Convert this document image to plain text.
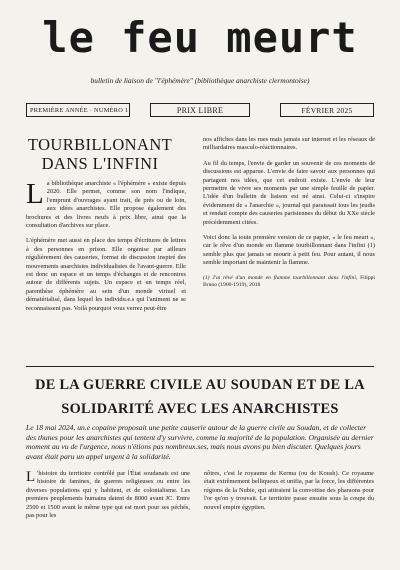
le feu meurt
bulletin de liaison de "l'éphémère" (bibliothèque anarchiste clermontoise)
PREMIÈRE ANNÉE · NUMÉRO 1	PRIX LIBRE	FÉVRIER 2025
TOURBILLONANT DANS L'INFINI

La bibliothèque anarchiste « l'éphémère » existe depuis 2020. Elle permet, comme son nom l'indique, l'emprunt d'ouvrages ayant trait, de près ou de loin, aux idées anarchistes. Elle propose également des brochures et des livres neufs à prix libre, ainsi que la consultation d'archives sur place.

L'éphémère met aussi en place des temps d'écritures de lettres à des personnes en prison. Elle organise par ailleurs régulièrement des causeries, format de discussion inspiré des mouvements anarchistes individualistes de l'avant-guerre. Elle est donc un espace et un temps d'échanges et de rencontres autour de différents sujets. Un espace et un temps réel, parenthèse éphémère au sein d'un monde virtuel et dématérialisé, dans lequel les individu.e.s qui l'animent ne se reconnaissent pas. Voilà pourquoi vous verrez peut-être

nos affiches dans les rues mais jamais sur internet et les réseaux de milliardaires masculo-réactionnaires.

Au fil du temps, l'envie de garder un souvenir de ces moments de discussions est apparue. L'envie de faire savoir aux personnes qui partagent nos idées, que cet endroit existe. L'envie de leur permettre de vivre ses moments par une simple feuille de papier. L'idée d'un bulletin de liaison est né ainsi. Celui-ci s'inspire évidemment de « l'anarchie », journal qui paraissait tous les jeudis et rendait compte des causeries parisiennes du début du XXe siècle précédemment citées.

Voici donc la toute première version de ce papier, « le feu meurt », car le rêve d'un monde en flamme tourbillonnant dans l'infini (1) semble plus que jamais se mourir à petit feu. Pour autant, il nous semble important de maintenir la flamme.

(1) J'ai rêvé d'un monde en flamme tourbillonnant dans l'infini, Filippi Bruno (1900-1919), 2018
DE LA GUERRE CIVILE AU SOUDAN ET DE LA SOLIDARITÉ AVEC LES ANARCHISTES
Le 18 mai 2024, un.e copaine proposait une petite causerie autour de la guerre civile au Soudan, et de collecter des thunes pour les anarchistes qui tentent d'y survivre, comme la majorité de la population. Organisée au dernier moment au vu de l'urgence, nous n'étions pas nombreux.ses, mais nous avons pu bien discuter. Quelques jours avant était paru un appel urgent à la solidarité.

L 'histoire du territoire contrôlé par l'État soudanais est une histoire de famines, de guerres religieuses ou entre les diverses populations qui y habitent, et de colonialisme. Les premiers peuplements humains datent de 8000 avant JC. Entre 2500 et 1500 avant le même type qui est mort pour ses péchés, pas pour les

nôtres, c'est le royaume de Kerma (ou de Koush). Ce royaume était extrêmement belliqueux et unifia, par la force, les différentes régions de la Nubie, qui attiraient la convoitise des pharaons pour l'or qu'on y trouvait. Le territoire passe ensuite sous la coupe du nouvel empire égyptien.
